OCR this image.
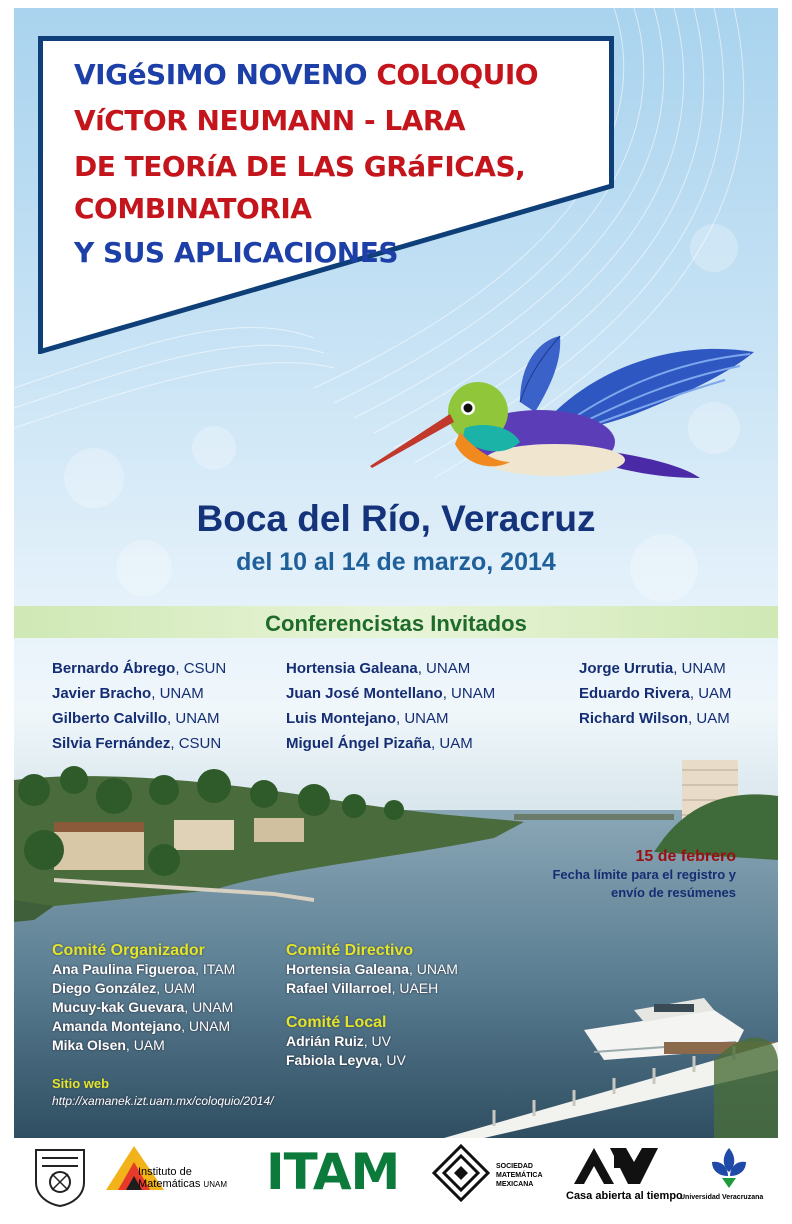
VIGéSIMO NOVENO COLOQUIO
VíCTOR NEUMANN - LARA
DE TEORíA DE LAS GRáFICAS,
COMBINATORIA
Y SUS APLICACIONES
Boca del Río, Veracruz
del 10 al 14 de marzo, 2014
Conferencistas Invitados
Bernardo Ábrego, CSUN
Javier Bracho, UNAM
Gilberto Calvillo, UNAM
Silvia Fernández, CSUN
Hortensia Galeana, UNAM
Juan José Montellano, UNAM
Luis Montejano, UNAM
Miguel Ángel Pizaña, UAM
Jorge Urrutia, UNAM
Eduardo Rivera, UAM
Richard Wilson, UAM
15 de febrero
Fecha límite para el registro y
envío de resúmenes
Comité Organizador
Ana Paulina Figueroa, ITAM
Diego González, UAM
Mucuy-kak Guevara, UNAM
Amanda Montejano, UNAM
Mika Olsen, UAM
Comité Directivo
Hortensia Galeana, UNAM
Rafael Villarroel, UAEH
Comité Local
Adrián Ruiz, UV
Fabiola Leyva, UV
Sitio web
http://xamanek.izt.uam.mx/coloquio/2014/
Instituto de
Matemáticas UNAM ITAM	SOCIEDAD
MATEMÁTICA
MEXICANA
Casa abierta al tiempo
Universidad Veracruzana
